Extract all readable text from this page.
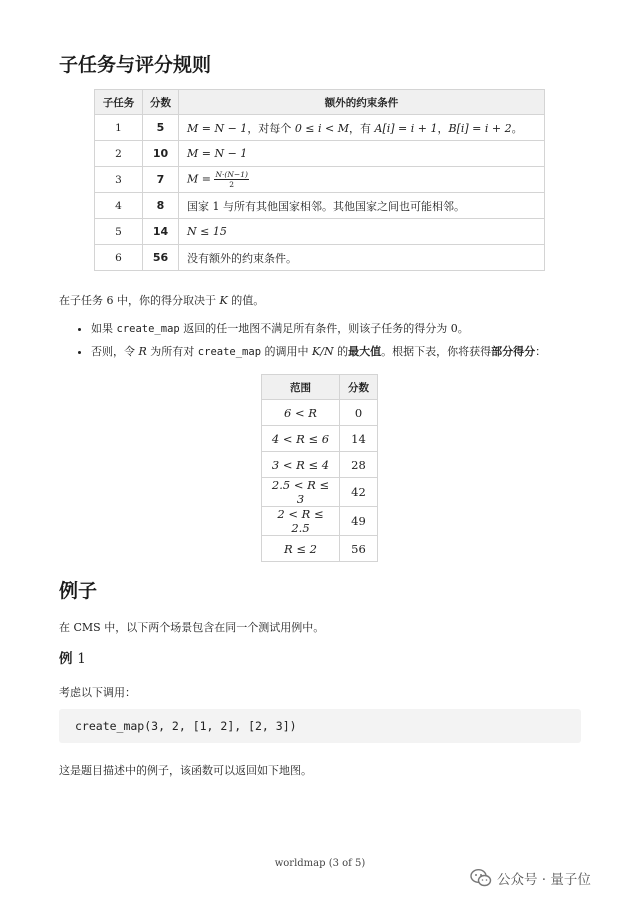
子任务与评分规则
子任务	分数	额外的约束条件
1	5	M = N − 1，对每个 0 ≤ i < M，有 A[i] = i + 1，B[i] = i + 2。
2	10	M = N − 1
3	7	$M = \frac{N\cdot(N-1)}{2}$

4	8	国家 1 与所有其他国家相邻。其他国家之间也可能相邻。
5	14	N ≤ 15
6	56	没有额外的约束条件。

在子任务 6 中，你的得分取决于 K 的值。

• 如果 create_map 返回的任一地图不满足所有条件，则该子任务的得分为 0。
• 否则，令 R 为所有对 create_map 的调用中 K/N 的最大值。根据下表，你将获得部分得分：
范围	分数
6 < R	0
4 < R ≤ 6	14
3 < R ≤ 4	28
2.5 < R ≤ 3	42
2 < R ≤ 2.5	49
R ≤ 2	56
例子

在 CMS 中，以下两个场景包含在同一个测试用例中。

例 1

考虑以下调用：

create_map(3, 2, [1, 2], [2, 3])

这是题目描述中的例子，该函数可以返回如下地图。

worldmap (3 of 5)
公众号 · 量子位
